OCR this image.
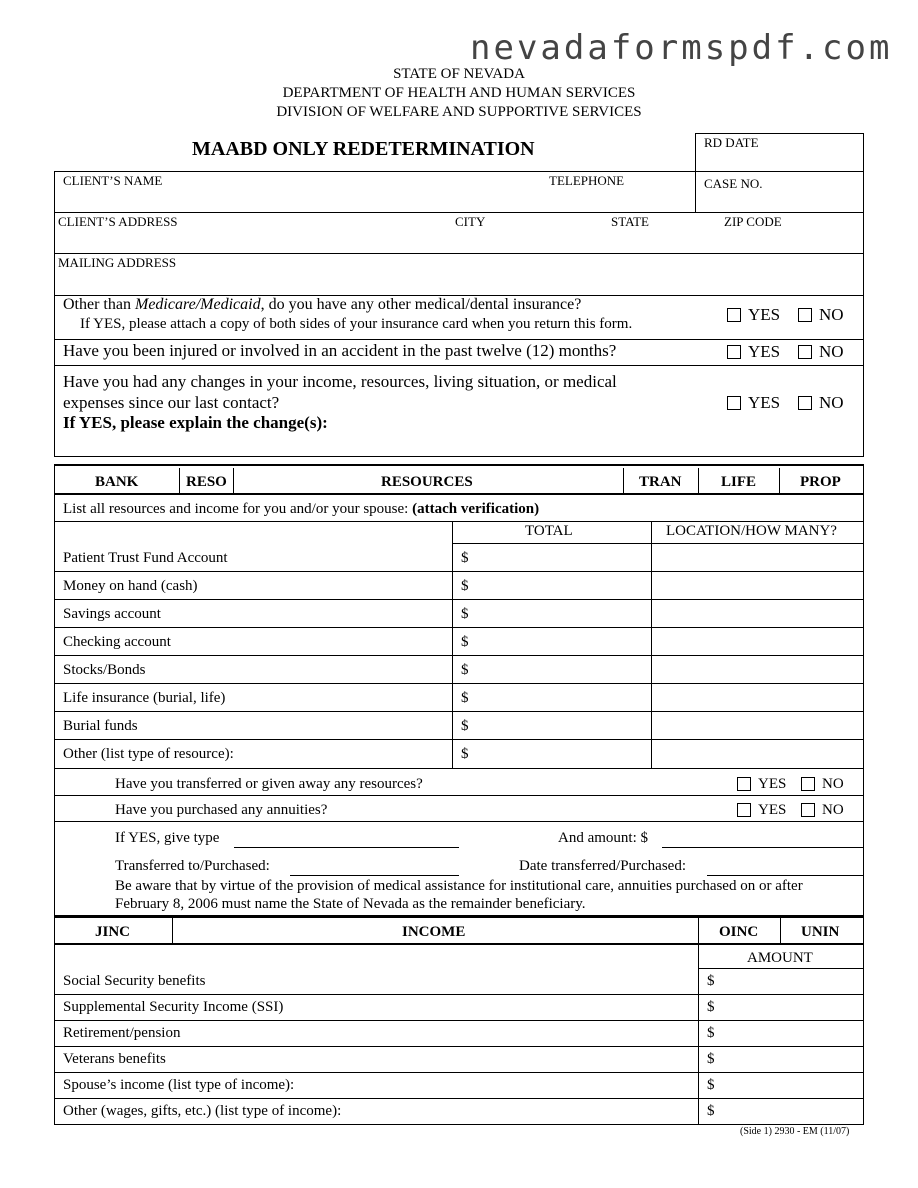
nevadaformspdf.com
STATE OF NEVADA
DEPARTMENT OF HEALTH AND HUMAN SERVICES
DIVISION OF WELFARE AND SUPPORTIVE SERVICES
MAABD ONLY REDETERMINATION	RD DATE
CASE NO.
CLIENT’S NAME	TELEPHONE
CLIENT’S ADDRESS	CITY	STATE	ZIP CODE
MAILING ADDRESS
Other than Medicare/Medicaid, do you have any other medical/dental insurance?
If YES, please attach a copy of both sides of your insurance card when you return this form.	YES NO
Have you been injured or involved in an accident in the past twelve (12) months?	YES NO
Have you had any changes in your income, resources, living situation, or medical
expenses since our last contact?
If YES, please explain the change(s):
YES NO
BANK	RESO	RESOURCES	TRAN	LIFE	PROP
List all resources and income for you and/or your spouse: (attach verification)
TOTAL	LOCATION/HOW MANY?
Patient Trust Fund Account	$
Money on hand (cash)	$
Savings account	$
Checking account	$
Stocks/Bonds	$
Life insurance (burial, life)	$
Burial funds	$
Other (list type of resource):	$
Have you transferred or given away any resources?	YES NO
Have you purchased any annuities?	YES NO
If YES, give type	And amount: $
Transferred to/Purchased:	Date transferred/Purchased:
Be aware that by virtue of the provision of medical assistance for institutional care, annuities purchased on or after
February 8, 2006 must name the State of Nevada as the remainder beneficiary.
JINC	INCOME	OINC	UNIN
AMOUNT
Social Security benefits	$
Supplemental Security Income (SSI)	$
Retirement/pension	$
Veterans benefits	$
Spouse’s income (list type of income):	$
Other (wages, gifts, etc.) (list type of income):	$
(Side 1) 2930 - EM (11/07)
